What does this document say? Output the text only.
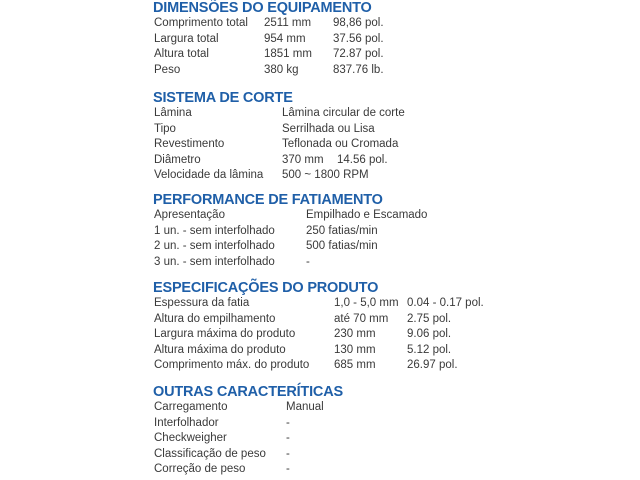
DIMENSÕES DO EQUIPAMENTO
Comprimento total 2511 mm 98,86 pol.
Largura total	954 mm 37.56 pol.
Altura total	1851 mm 72.87 pol.
Peso	380 kg	837.76 lb.
SISTEMA DE CORTE
Lâmina	Lâmina circular de corte
Tipo	Serrilhada ou Lisa
Revestimento	Teflonada ou Cromada
Diâmetro	370 mm 14.56 pol.
Velocidade da lâmina 500 ~ 1800 RPM
PERFORMANCE DE FATIAMENTO
Apresentação	Empilhado e Escamado
1 un. - sem interfolhado	250 fatias/min
2 un. - sem interfolhado	500 fatias/min
3 un. - sem interfolhado	-
ESPECIFICAÇÕES DO PRODUTO
Espessura da fatia	1,0 - 5,0 mm 0.04 - 0.17 pol.
Altura do empilhamento	até 70 mm 2.75 pol.
Largura máxima do produto	230 mm	9.06 pol.
Altura máxima do produto	130 mm	5.12 pol.
Comprimento máx. do produto 685 mm	26.97 pol.
OUTRAS CARACTERÍTICAS
Carregamento	Manual
Interfolhador	-
Checkweigher	-
Classificação de peso -
Correção de peso	-
